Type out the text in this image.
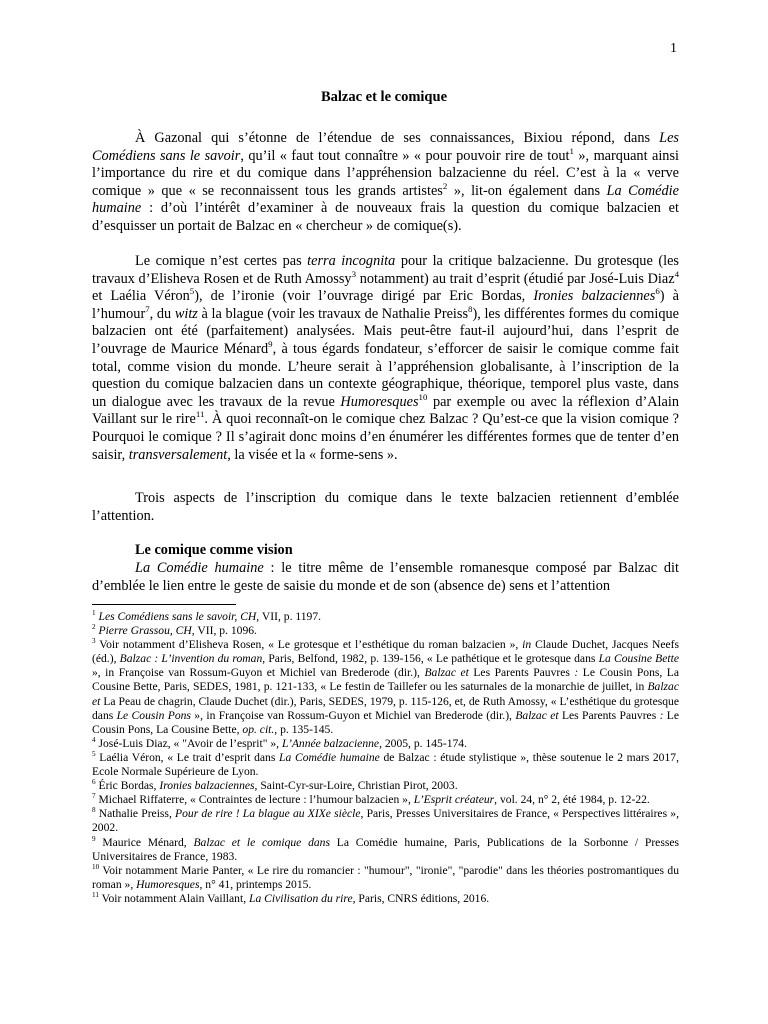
1
Balzac et le comique

À Gazonal qui s’étonne de l’étendue de ses connaissances, Bixiou répond, dans Les Comédiens sans le savoir, qu’il « faut tout connaître » « pour pouvoir rire de tout$^1$ », marquant ainsi l’importance du rire et du comique dans l’appréhension balzacienne du réel. C’est à la « verve comique » que « se reconnaissent tous les grands artistes$^2$ », lit-on également dans La Comédie humaine : d’où l’intérêt d’examiner à de nouveaux frais la question du comique balzacien et d’esquisser un portait de Balzac en « chercheur » de comique(s).

Le comique n’est certes pas terra incognita pour la critique balzacienne. Du grotesque (les travaux d’Elisheva Rosen et de Ruth Amossy$^3$ notamment) au trait d’esprit (étudié par José-Luis Diaz$^4$ et Laélia Véron$^5$), de l’ironie (voir l’ouvrage dirigé par Eric Bordas, Ironies balzaciennes$^6$) à l’humour$^7$, du witz à la blague (voir les travaux de Nathalie Preiss$^8$), les différentes formes du comique balzacien ont été (parfaitement) analysées. Mais peut-être faut-il aujourd’hui, dans l’esprit de l’ouvrage de Maurice Ménard$^9$, à tous égards fondateur, s’efforcer de saisir le comique comme fait total, comme vision du monde. L’heure serait à l’appréhension globalisante, à l’inscription de la question du comique balzacien dans un contexte géographique, théorique, temporel plus vaste, dans un dialogue avec les travaux de la revue Humoresques$^{10}$ par exemple ou avec la réflexion d’Alain Vaillant sur le rire$^{11}$. À quoi reconnaît-on le comique chez Balzac ? Qu’est-ce que la vision comique ? Pourquoi le comique ? Il s’agirait donc moins d’en énumérer les différentes formes que de tenter d’en saisir, transversalement, la visée et la « forme-sens ».

Trois aspects de l’inscription du comique dans le texte balzacien retiennent d’emblée l’attention.

Le comique comme vision

La Comédie humaine : le titre même de l’ensemble romanesque composé par Balzac dit d’emblée le lien entre le geste de saisie du monde et de son (absence de) sens et l’attention

$^1$ Les Comédiens sans le savoir, CH, VII, p. 1197.

$^2$ Pierre Grassou, CH, VII, p. 1096.

$^3$ Voir notamment d’Elisheva Rosen, « Le grotesque et l’esthétique du roman balzacien », in Claude Duchet, Jacques Neefs (éd.), Balzac : L’invention du roman, Paris, Belfond, 1982, p. 139-156, « Le pathétique et le grotesque dans La Cousine Bette », in Françoise van Rossum-Guyon et Michiel van Brederode (dir.), Balzac et Les Parents Pauvres : Le Cousin Pons, La Cousine Bette, Paris, SEDES, 1981, p. 121-133, « Le festin de Taillefer ou les saturnales de la monarchie de juillet, in Balzac et La Peau de chagrin, Claude Duchet (dir.), Paris, SEDES, 1979, p. 115-126, et, de Ruth Amossy, « L’esthétique du grotesque dans Le Cousin Pons », in Françoise van Rossum-Guyon et Michiel van Brederode (dir.), Balzac et Les Parents Pauvres : Le Cousin Pons, La Cousine Bette, op. cit., p. 135-145.

$^4$ José-Luis Diaz, « "Avoir de l’esprit" », L’Année balzacienne, 2005, p. 145-174.

$^5$ Laélia Véron, « Le trait d’esprit dans La Comédie humaine de Balzac : étude stylistique », thèse soutenue le 2 mars 2017, Ecole Normale Supérieure de Lyon.

$^6$ Éric Bordas, Ironies balzaciennes, Saint-Cyr-sur-Loire, Christian Pirot, 2003.

$^7$ Michael Riffaterre, « Contraintes de lecture : l’humour balzacien », L’Esprit créateur, vol. 24, n° 2, été 1984, p. 12-22.

$^8$ Nathalie Preiss, Pour de rire ! La blague au XIXe siècle, Paris, Presses Universitaires de France, « Perspectives littéraires », 2002.

$^9$ Maurice Ménard, Balzac et le comique dans La Comédie humaine, Paris, Publications de la Sorbonne / Presses Universitaires de France, 1983.

$^{10}$ Voir notamment Marie Panter, « Le rire du romancier : "humour", "ironie", "parodie" dans les théories postromantiques du roman », Humoresques, n° 41, printemps 2015.

$^{11}$ Voir notamment Alain Vaillant, La Civilisation du rire, Paris, CNRS éditions, 2016.
